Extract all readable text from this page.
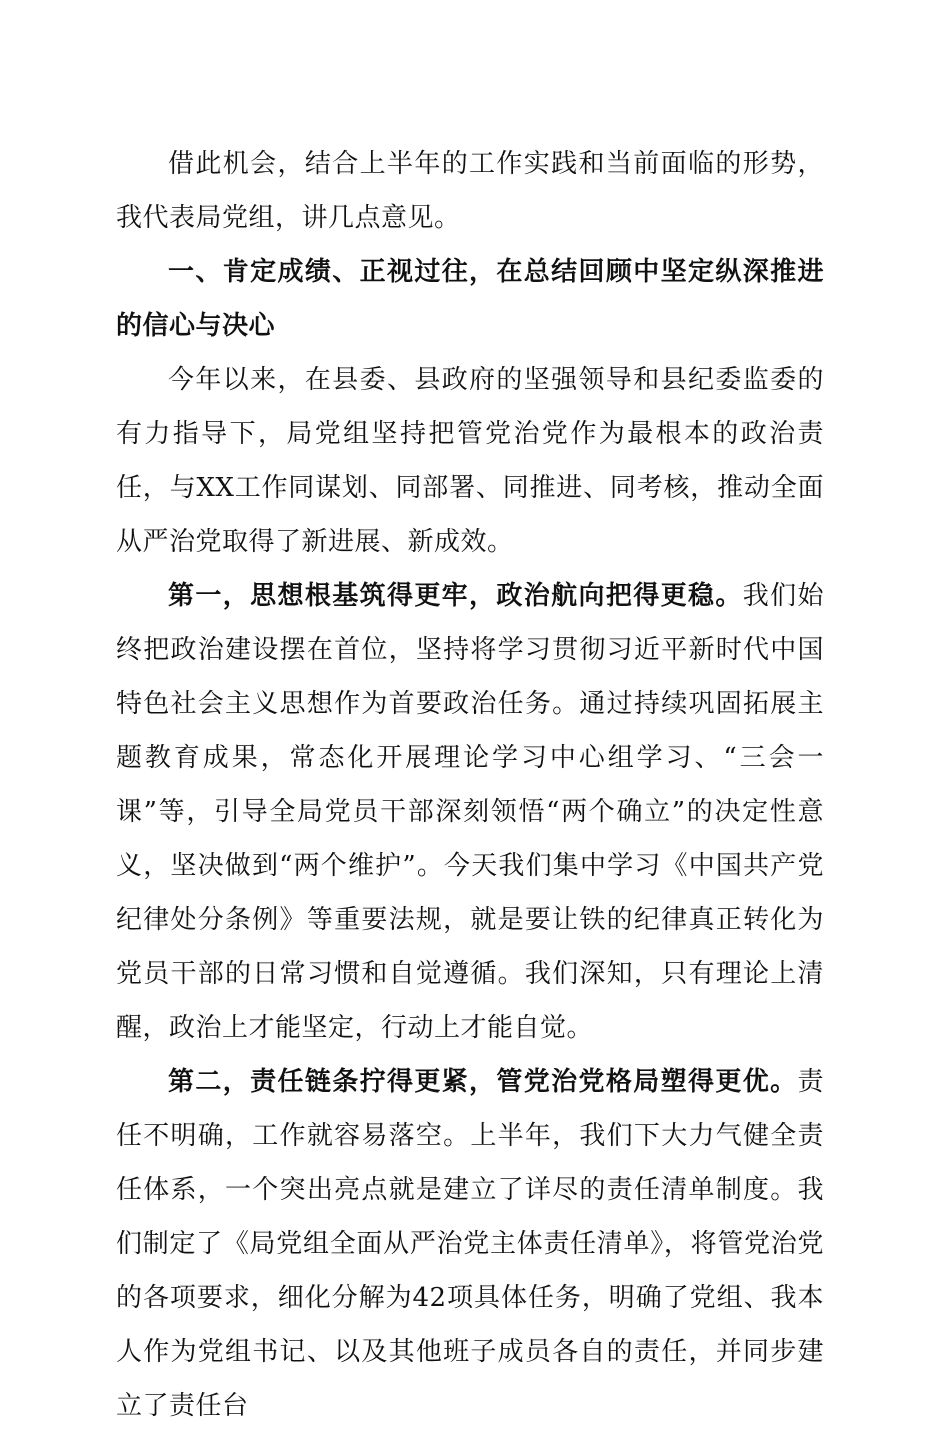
借此机会，结合上半年的工作实践和当前面临的形势，我代表局党组，讲几点意见。

一、肯定成绩、正视过往，在总结回顾中坚定纵深推进的信心与决心

今年以来，在县委、县政府的坚强领导和县纪委监委的有力指导下，局党组坚持把管党治党作为最根本的政治责任，与XX工作同谋划、同部署、同推进、同考核，推动全面从严治党取得了新进展、新成效。

第一，思想根基筑得更牢，政治航向把得更稳。我们始终把政治建设摆在首位，坚持将学习贯彻习近平新时代中国特色社会主义思想作为首要政治任务。通过持续巩固拓展主题教育成果，常态化开展理论学习中心组学习、“三会一课”等，引导全局党员干部深刻领悟“两个确立”的决定性意义，坚决做到“两个维护”。今天我们集中学习《中国共产党纪律处分条例》等重要法规，就是要让铁的纪律真正转化为党员干部的日常习惯和自觉遵循。我们深知，只有理论上清醒，政治上才能坚定，行动上才能自觉。

第二，责任链条拧得更紧，管党治党格局塑得更优。责任不明确，工作就容易落空。上半年，我们下大力气健全责任体系，一个突出亮点就是建立了详尽的责任清单制度。我们制定了《局党组全面从严治党主体责任清单》，将管党治党的各项要求，细化分解为42项具体任务，明确了党组、我本人作为党组书记、以及其他班子成员各自的责任，并同步建立了责任台
